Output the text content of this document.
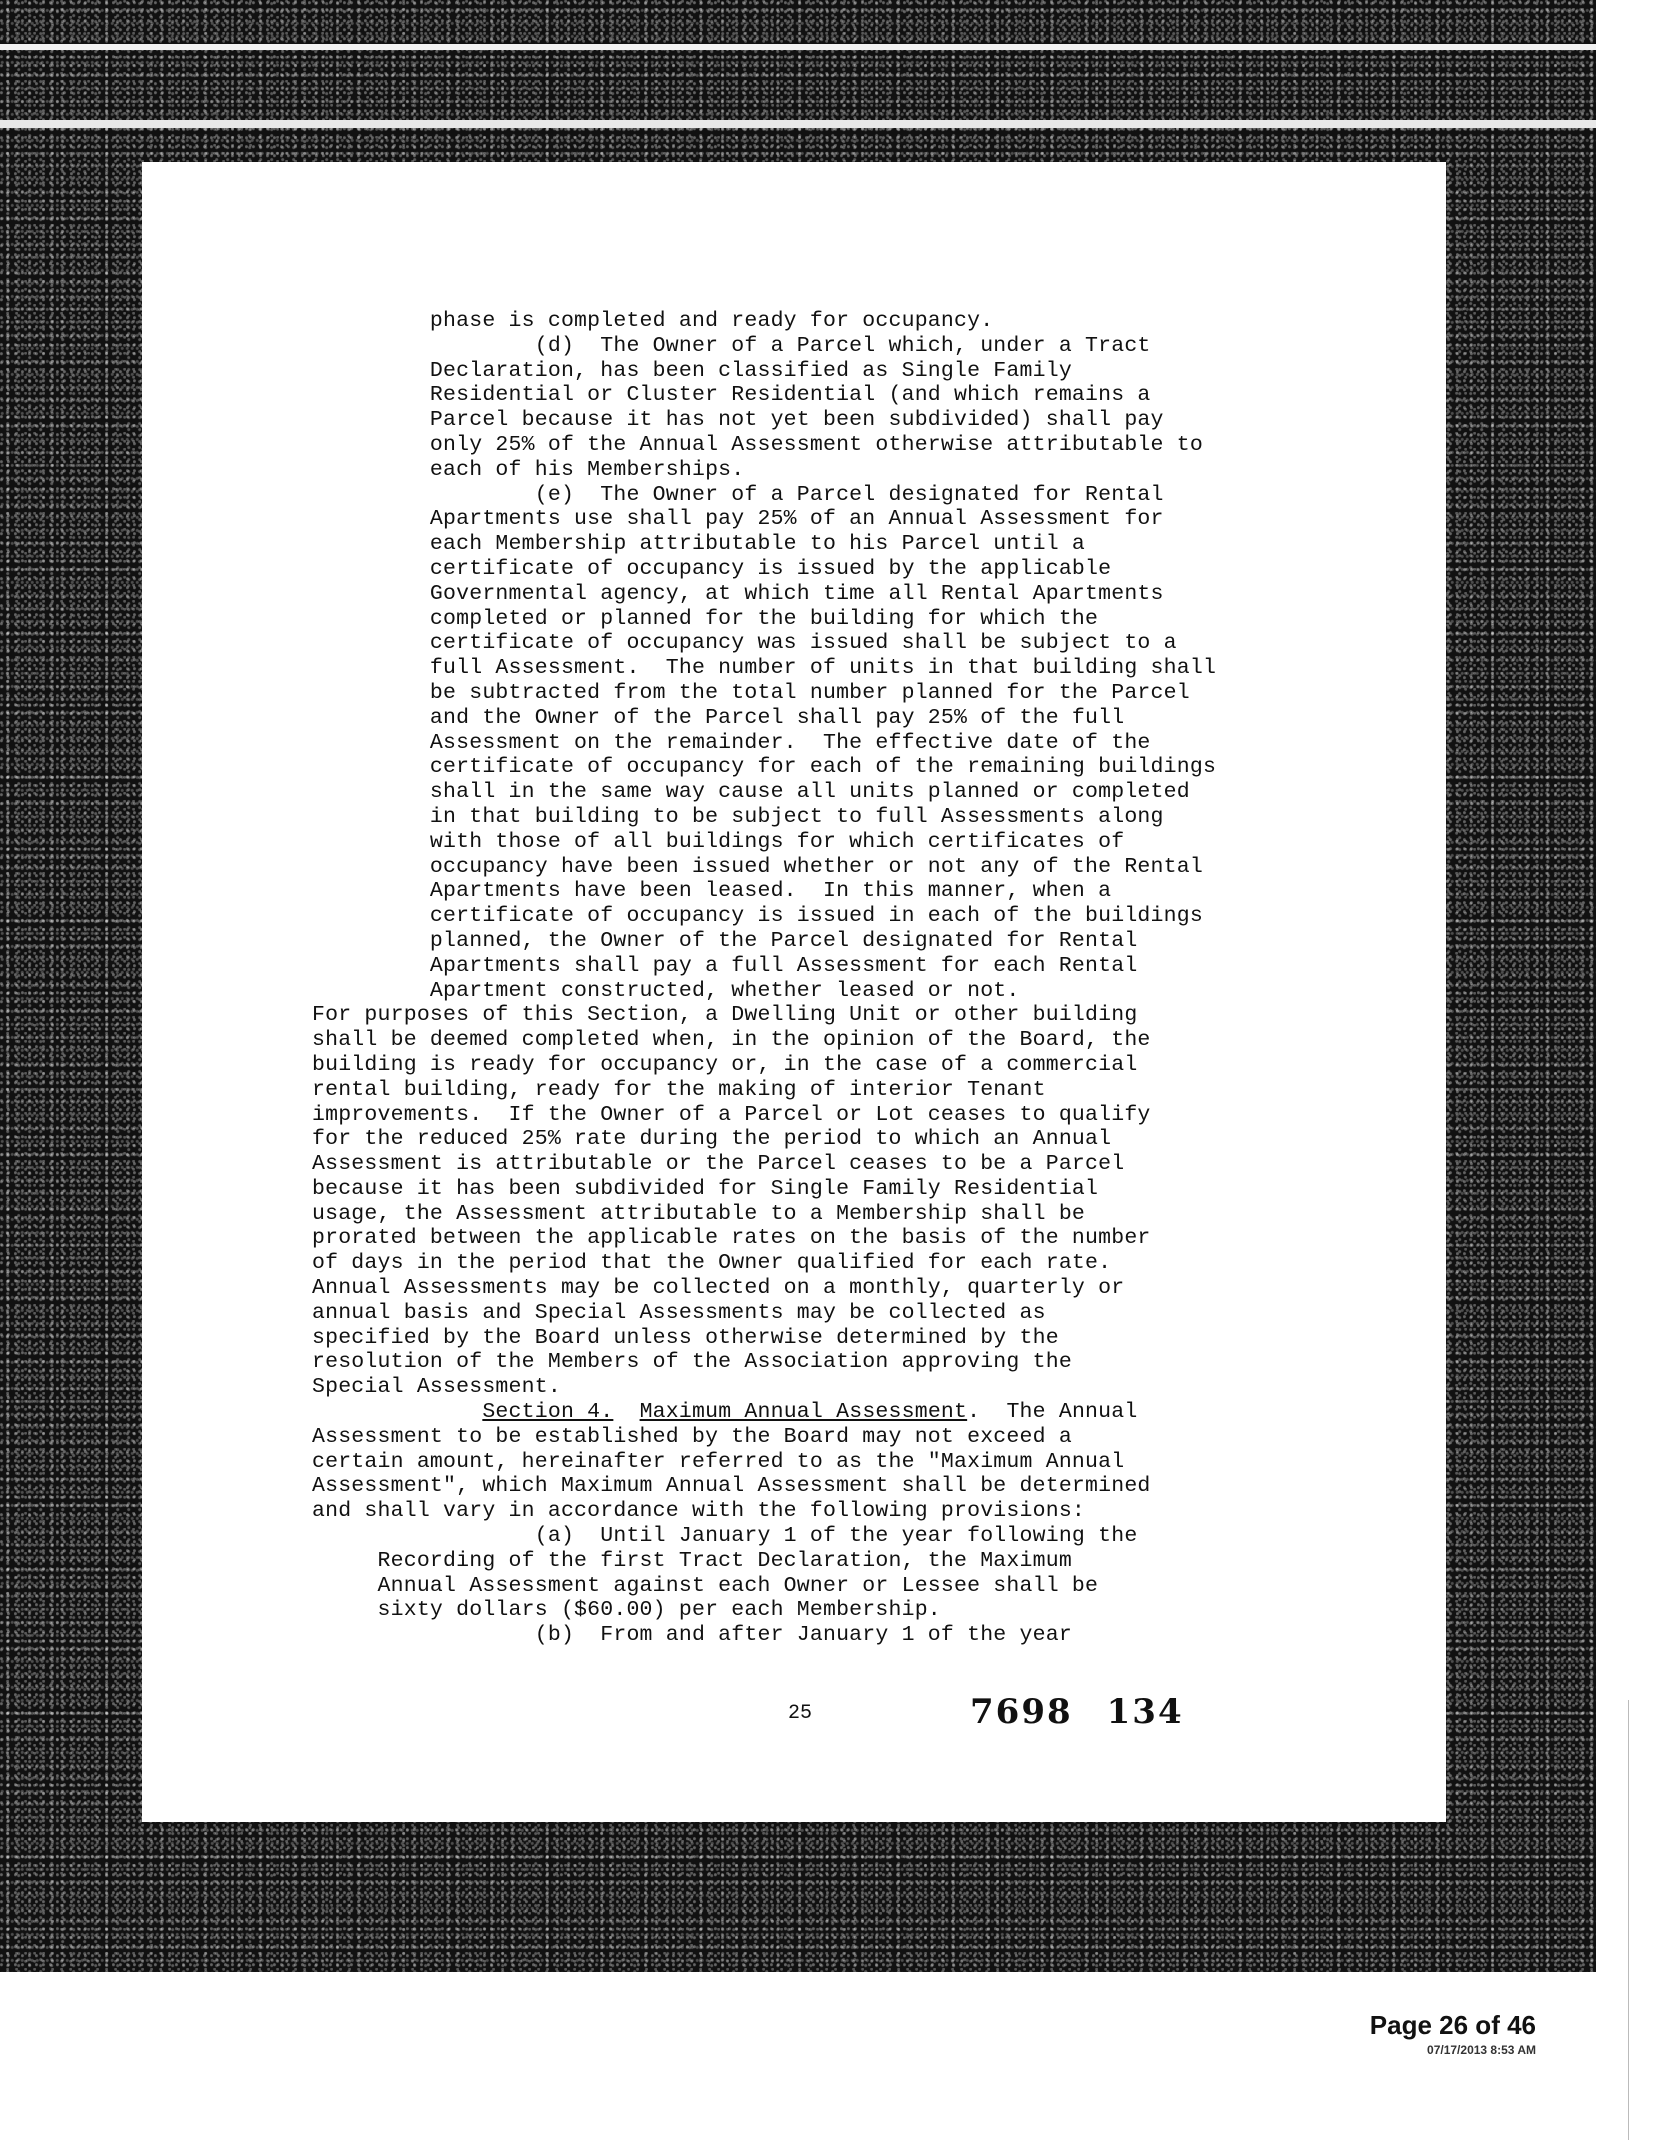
phase is completed and ready for occupancy.
(d)  The Owner of a Parcel which, under a Tract
Declaration, has been classified as Single Family
Residential or Cluster Residential (and which remains a
Parcel because it has not yet been subdivided) shall pay
only 25% of the Annual Assessment otherwise attributable to
each of his Memberships.
(e)  The Owner of a Parcel designated for Rental
Apartments use shall pay 25% of an Annual Assessment for
each Membership attributable to his Parcel until a
certificate of occupancy is issued by the applicable
Governmental agency, at which time all Rental Apartments
completed or planned for the building for which the
certificate of occupancy was issued shall be subject to a
full Assessment.  The number of units in that building shall
be subtracted from the total number planned for the Parcel
and the Owner of the Parcel shall pay 25% of the full
Assessment on the remainder.  The effective date of the
certificate of occupancy for each of the remaining buildings
shall in the same way cause all units planned or completed
in that building to be subject to full Assessments along
with those of all buildings for which certificates of
occupancy have been issued whether or not any of the Rental
Apartments have been leased.  In this manner, when a
certificate of occupancy is issued in each of the buildings
planned, the Owner of the Parcel designated for Rental
Apartments shall pay a full Assessment for each Rental
Apartment constructed, whether leased or not.
For purposes of this Section, a Dwelling Unit or other building
shall be deemed completed when, in the opinion of the Board, the
building is ready for occupancy or, in the case of a commercial
rental building, ready for the making of interior Tenant
improvements.  If the Owner of a Parcel or Lot ceases to qualify
for the reduced 25% rate during the period to which an Annual
Assessment is attributable or the Parcel ceases to be a Parcel
because it has been subdivided for Single Family Residential
usage, the Assessment attributable to a Membership shall be
prorated between the applicable rates on the basis of the number
of days in the period that the Owner qualified for each rate.
Annual Assessments may be collected on a monthly, quarterly or
annual basis and Special Assessments may be collected as
specified by the Board unless otherwise determined by the
resolution of the Members of the Association approving the
Special Assessment.
Section 4. Maximum Annual Assessment.  The Annual
Assessment to be established by the Board may not exceed a
certain amount, hereinafter referred to as the "Maximum Annual
Assessment", which Maximum Annual Assessment shall be determined
and shall vary in accordance with the following provisions:
(a)  Until January 1 of the year following the
Recording of the first Tract Declaration, the Maximum
Annual Assessment against each Owner or Lessee shall be
sixty dollars ($60.00) per each Membership.
(b)  From and after January 1 of the year
25	7698 134
Page 26 of 46
07/17/2013 8:53 AM
